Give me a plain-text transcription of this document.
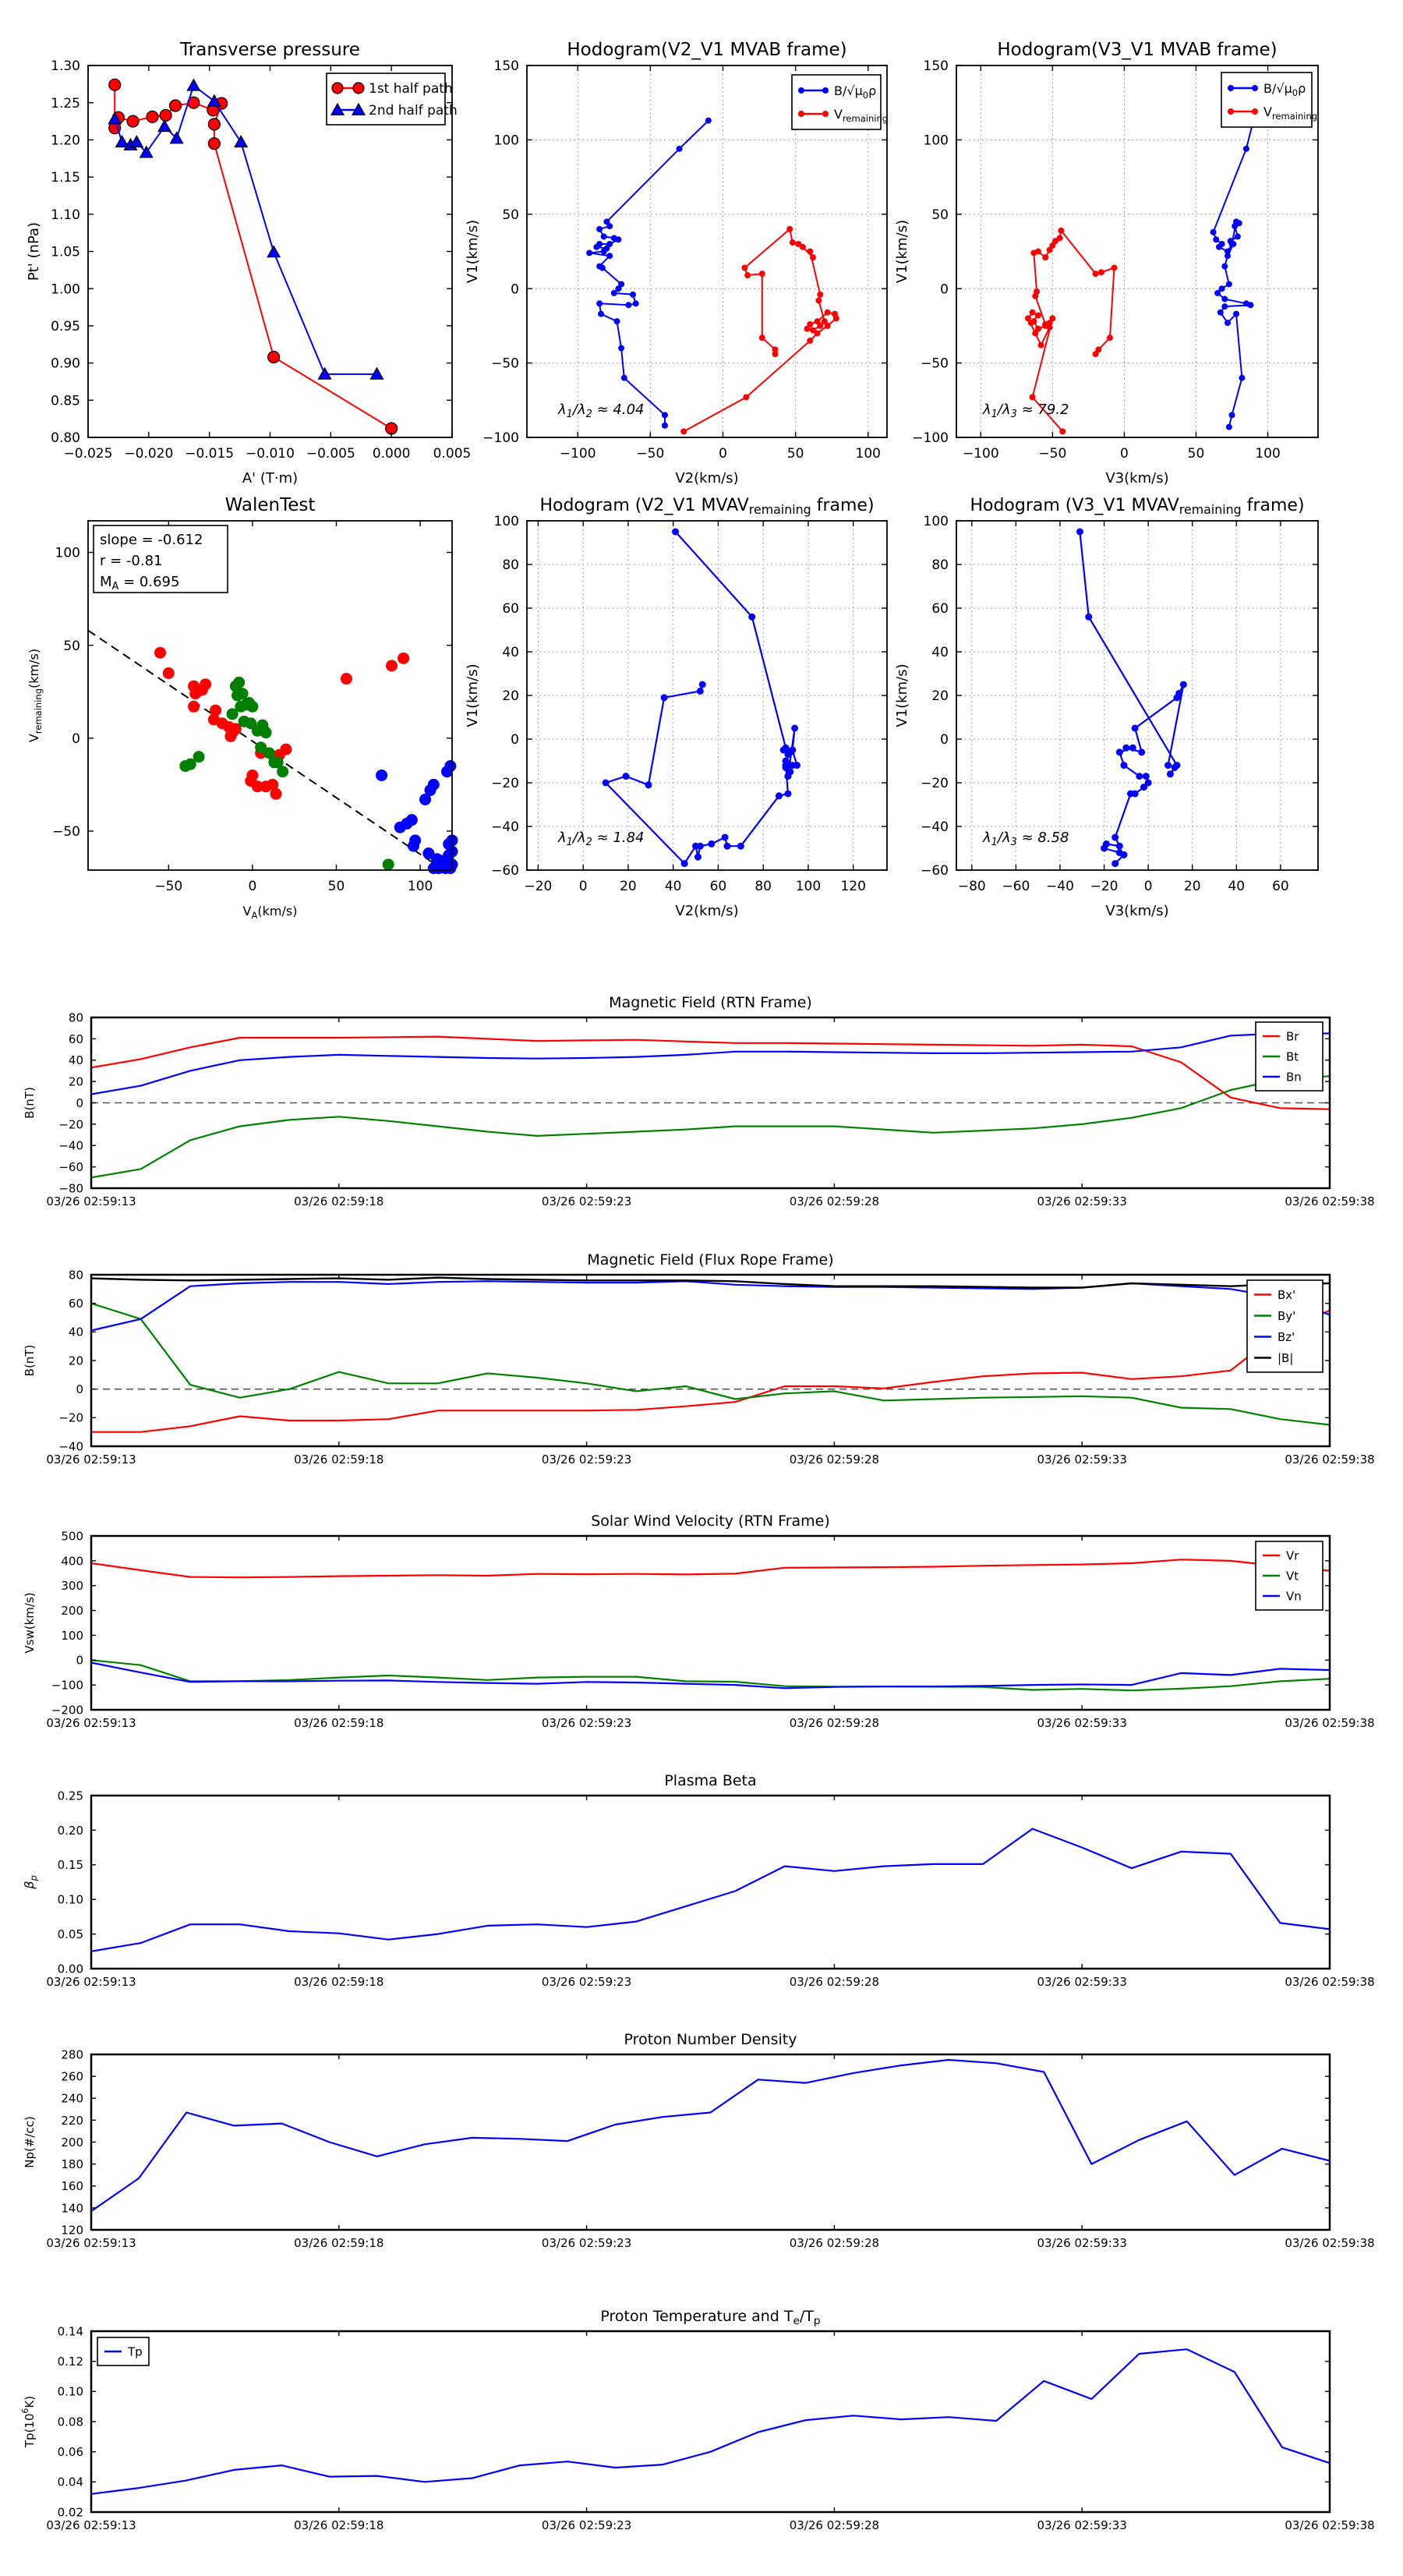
−0.025 −0.020 −0.015 −0.010 −0.005 0.000 0.005
0.80
0.85
0.90
0.95
1.00
1.05
1.10
1.15
1.20
1.25
1.30
Transverse pressure
A' (T·m)
Pt' (nPa)
1st half path
2nd half path
−100	−50	0	50	100
−100
−50
0
50
100
150
Hodogram(V2_V1 MVAB frame)
V2(km/s)
V1(km/s)
$B/√\mu_0\rho$
$V_{remaining}$
$\lambda_1/\lambda_2 \approx 4.04$
−100	−50	0	50	100
−100
−50
0
50
100
150
Hodogram(V3_V1 MVAB frame)
V3(km/s)
V1(km/s)
$B/√\mu_0\rho$
$V_{remaining}$
$\lambda_1/\lambda_3 \approx 79.2$
−50	0	50	100
−50
0
50
100
WalenTest
$V_A(km/s)$
$V_{remaining}(km/s)$
slope = -0.612
r = -0.81
$M_A = 0.695$
−20 0 20 40 60 80 100 120
−60
−40
−20
0
20
40
60
80
100
Hodogram (V2_V1 MVAVremaining frame)
V2(km/s)
V1(km/s)
$\lambda_1/\lambda_2 \approx 1.84$
−80 −60 −40 −20 0 20 40 60
−60
−40
−20
0
20
40
60
80
100
Hodogram (V3_V1 MVAVremaining frame)
V3(km/s)
V1(km/s)
$\lambda_1/\lambda_3 \approx 8.58$
03/26 02:59:13	03/26 02:59:18	03/26 02:59:23	03/26 02:59:28	03/26 02:59:33	03/26 02:59:38
−80
−60
−40
−20
0
20
40
60
80
Magnetic Field (RTN Frame)
B(nT)
Br
Bt
Bn
03/26 02:59:13	03/26 02:59:18	03/26 02:59:23	03/26 02:59:28	03/26 02:59:33	03/26 02:59:38
−40
−20
0
20
40
60
80
Magnetic Field (Flux Rope Frame)
B(nT)
Bx'
By'
Bz'
|B|
03/26 02:59:13	03/26 02:59:18	03/26 02:59:23	03/26 02:59:28	03/26 02:59:33	03/26 02:59:38
−200
−100
0
100
200
300
400
500
Solar Wind Velocity (RTN Frame)
Vsw(km/s)
Vr
Vt
Vn
03/26 02:59:13	03/26 02:59:18	03/26 02:59:23	03/26 02:59:28	03/26 02:59:33	03/26 02:59:38
0.00
0.05
0.10
0.15
0.20
0.25
Plasma Beta
$\beta_p$
03/26 02:59:13	03/26 02:59:18	03/26 02:59:23	03/26 02:59:28	03/26 02:59:33	03/26 02:59:38
120
140
160
180
200
220
240
260
280
Proton Number Density
Np(#/cc)
03/26 02:59:13	03/26 02:59:18	03/26 02:59:23	03/26 02:59:28	03/26 02:59:33	03/26 02:59:38
0.02
0.04
0.06
0.08
0.10
0.12
0.14
Proton Temperature and $T_e/T_p$
$Tp(10^6K)$
Tp
